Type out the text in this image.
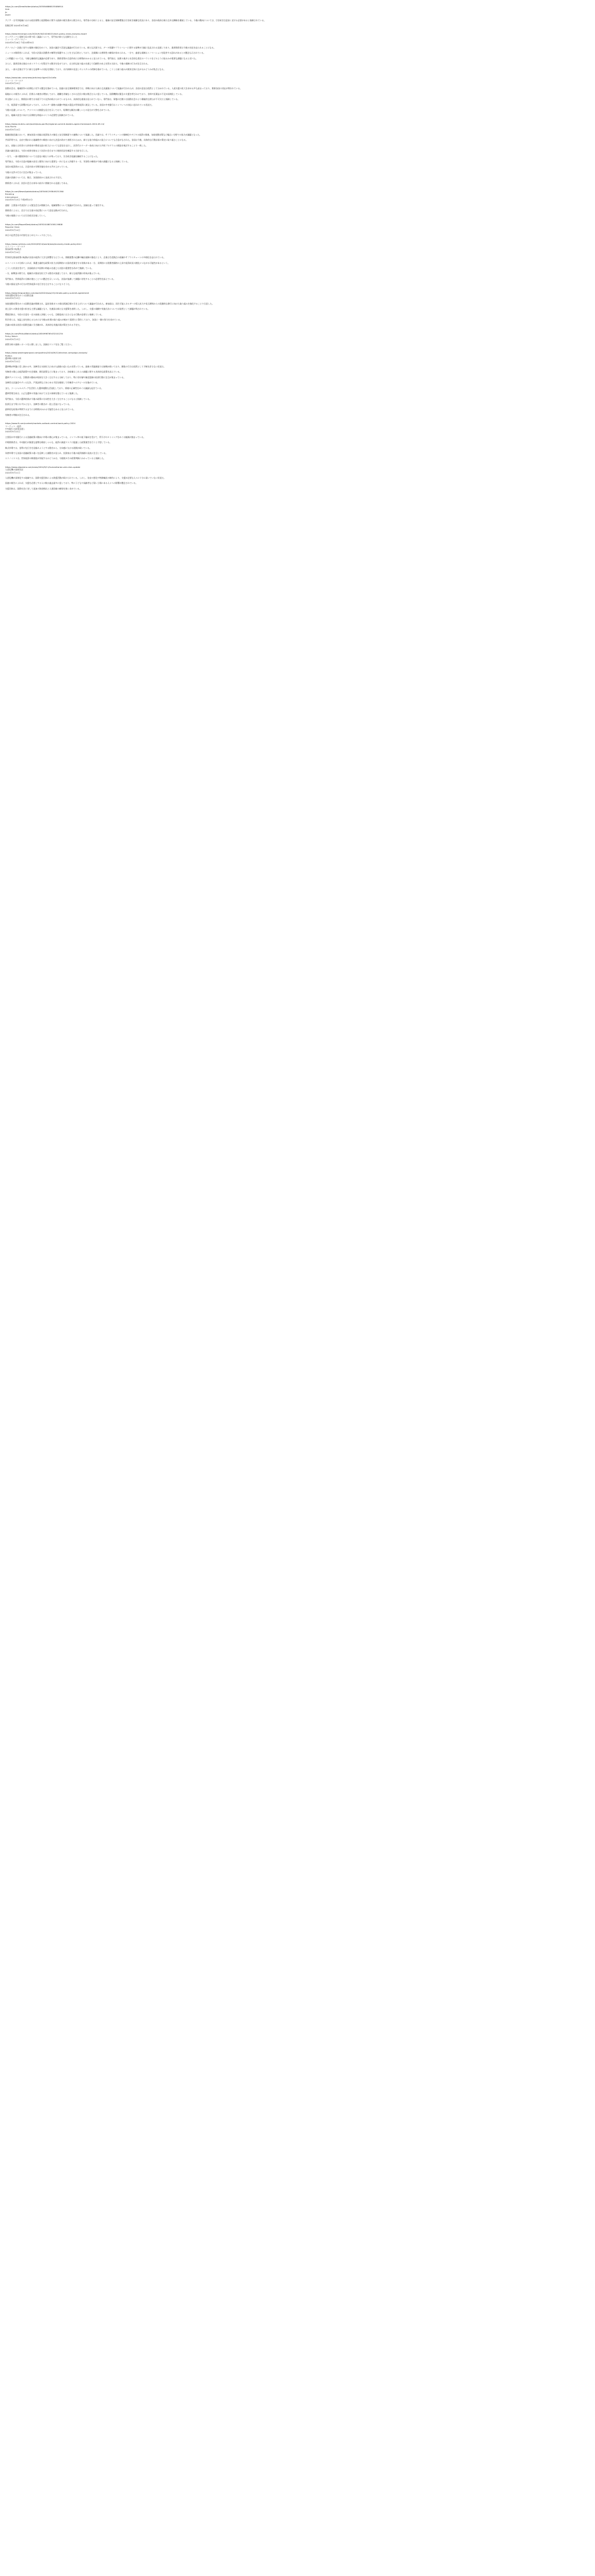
https://x.com/DrewHolden/status/1835846868155086914
Asia
Jp
Japan

アジア・太平洋地域における政治情勢と経済動向に関する最新の報告書が公開された。専門家の分析によると、地域の安全保障環境は引き続き複雑な状況にあり、各国の政府は新たな外交戦略を模索している。今後の動向については、引き続き注意深く見守る必要があると指摘されている。

投稿日時 2024年9月16日

https://www.theverge.com/2024/9/16/24246221/tech-policy-news-analysis-report
ビッグテックと規制当局の間で続く議論について、専門家が新たな見解を示した
ニュース・テクノロジー
2024年9月16日 午前10時30分

テクノロジー企業に対する規制の強化をめぐり、各国の議会で活発な議論が行われている。新たな法案では、データ保護やプライバシーに関する基準が大幅に見直される見通しであり、業界関係者は今後の対応を迫られることになる。

ニュースの関係者によれば、今回の法案は消費者の権利を保護することを主な目的としており、企業側には透明性の確保が求められる。一方で、過度な規制はイノベーションを阻害する恐れがあるとの懸念も示されている。

この問題については、今後も継続的な議論が必要であり、関係者間の合意形成には時間がかかると見られている。専門家は、技術の進歩と社会的な責任のバランスをどのように取るかが重要な課題になると述べた。

さらに、業界団体は独自のガイドラインを策定する動きを見せており、自主的な取り組みを通じて信頼性の向上を図る方針だ。今後の規制の行方が注目される。

また、一部の企業はすでに新たな基準への対応を開始しており、社内体制の見直しやシステムの改修を進めている。こうした取り組みが業界全体に広がるかどうかが焦点となる。

https://www.bbc.com/news/articles/c4gzm22v1e8o
ニュース・ワールド
2024年9月15日

国際社会は、地域紛争の長期化に対する懸念を強めている。国連の安全保障理事会では、停戦に向けた新たな決議案について協議が行われたが、各国の意見は依然として分かれている。人道支援の拡大を求める声も高まっており、関係各国の対応が問われている。

現地からの報告によれば、民間人の被害は増加しており、避難を余儀なくされた住民の数は数百万人に達している。国際機関は緊急の支援を呼びかけており、食料や医薬品の不足が深刻化している。

外交筋によると、関係国の間では水面下での交渉が続けられているものの、具体的な進展は見られていない。専門家は、事態の打開には国際社会のより積極的な関与が不可欠だと指摘している。

一方、経済面でも影響が広がっており、エネルギー価格の高騰や物流の混乱が世界経済に波及している。各国の中央銀行はインフレへの対応に追われている状況だ。

今後の見通しについて、アナリストは慎重な見方を示しており、短期的な解決は難しいとの見方が大勢を占めている。

また、地域の安定に向けた長期的な枠組みづくりの必要性も指摘されている。

https://www.reuters.com/world/asia-pacific/regional-summit-leaders-agree-framework-2024-09-14/
Asia-Pacific
2024年9月14日

地域首脳会議において、参加各国の首脳は経済協力の強化と安全保障面での連携について協議した。会議では、サプライチェーンの強靭化やデジタル経済の推進、気候変動対策など幅広い分野での協力が議題となった。

共同声明では、自由で開かれた地域秩序の維持に向けた決意が改めて表明されたほか、新たな協力枠組みの設立についても合意がなされた。各国は今後、具体的な行動計画の策定に取り組むことになる。

また、首脳らは若者の人材育成や教育交流の拡大についても意見を交わし、次世代のリーダー育成に向けた共同プログラムの創設を検討することで一致した。

会議の議長国は、今回の成果を踏まえて次回の会合までに進捗状況を確認する方針を示した。

一方で、一部の懸案事項については意見の隔たりが残っており、引き続き協議を継続することになった。

専門家は、今回の合意が地域の安定と繁栄に向けた重要な一歩になると評価する一方、実効性の確保が今後の課題になると指摘している。

各国の経済界からは、合意内容の早期実施を求める声が上がっている。

今後の交渉の行方に注目が集まっている。

会議の詳細については、後日、各国政府から発表される予定だ。

関係者によれば、次回の会合は来年の前半に開催される見通しである。

https://x.com/NewsUpdate/status/1835461293849231360
Breaking
International
2024年9月15日 午後3時22分

速報：主要国の代表団による緊急会合が開催され、地域情勢について協議が行われた。詳細は追って報告する。

関係者によると、会合では当面の対応策について意見交換が行われた。

今後の展開については引き続き注視していく。

https://x.com/ReportDesk/status/1835201887458119808
Reporter Desk
2024年9月14日

本日の記者会見の内容をまとめたスレッドはこちら。

https://www.nytimes.com/2024/09/14/world/asia/economy-trade-policy.html
エコノミー・ワールド
貿易政策の転換点
2024年9月14日

世界的な貿易政策の転換が各国の経済に大きな影響を与えている。関税措置の応酬や輸出規制の強化により、企業は生産拠点の再編やサプライチェーンの多様化を迫られている。

エコノミストの分析によれば、保護主義的な政策の拡大は短期的には国内産業を守る効果がある一方、長期的には消費者価格の上昇や経済成長の鈍化につながる可能性があるという。

こうした状況を受けて、各国政府は多国間の枠組みを通じた対話の重要性を改めて強調している。

一方、新興国の間では、地域内の貿易を拡大する動きが加速しており、新たな経済圏の形成が進んでいる。

専門家は、世界経済の分断が進むことへの懸念を示しつつも、各国が協調して課題に対処することの必要性を訴えている。

今後の貿易交渉の行方が世界経済の先行きを左右することになりそうだ。

https://www.theguardian.com/world/2024/sep/13/climate-policy-summit-agreement
気候変動対策をめぐる国際会議
2024年9月13日

気候変動対策をめぐる国際会議が開催され、温室効果ガスの排出削減目標の引き上げについて議論が行われた。参加国は、再生可能エネルギーの導入拡大や化石燃料からの段階的な移行に向けた取り組みを強化することで合意した。

途上国への資金支援の拡充も主要な議題となり、先進国は新たな支援策を表明した。しかし、支援の規模や実施方法については依然として課題が残されている。

環境団体は、今回の合意を一定の前進と評価しつつも、目標達成にはさらなる行動が必要だと指摘している。

科学者らは、気温上昇を抑えるためには今後10年間の取り組みが極めて重要だと警告しており、各国に一層の努力を求めている。

会議の成果は次回の国際会議に引き継がれ、具体的な実施計画が策定される予定だ。

https://x.com/PolicyWatch/status/1834998765432101234
Policy Watch
2024年9月13日

政策分析の最新レポートを公開しました。詳細はリンク先をご覧ください。

https://www.washingtonpost.com/politics/2024/09/12/election-campaign-analysis/
Politics
選挙戦の最新分析
2024年9月12日

選挙戦が終盤に差し掛かる中、各陣営は支持拡大に向けた最後の追い込みを図っている。最新の世論調査では接戦が続いており、勝敗の行方は依然として予断を許さない状況だ。

有権者の関心は経済政策や社会保障、移民政策などに集まっており、各候補はこれらの課題に関する具体的な政策を訴えている。

選挙アナリストは、浮動票の動向が結果を大きく左右すると分析しており、特に若年層や無党派層の投票行動に注目が集まっている。

各陣営は討論会やテレビ広告、戸別訪問などあらゆる手段を駆使して有権者へのアピールを強めている。

また、ソーシャルメディアを活用した選挙運動も活発化しており、情報の正確性をめぐる議論も起きている。

選挙管理当局は、公正な選挙の実施に向けて万全の体制を整えていると強調した。

専門家は、今回の選挙結果が今後の政策の方向性を大きく左右することになると指摘している。

投票日まで残りわずかとなり、各陣営の動きが一段と活発になっている。

最終的な結果が判明するまでには時間がかかる可能性もあると見られている。

有権者の判断が注目される。

https://www.ft.com/content/markets-outlook-central-bank-policy-2024
マーケット・経済
中央銀行の政策見通し
2024年9月12日

主要国の中央銀行による金融政策の動向に市場の関心が集まっている。インフレ率の低下傾向を受けて、利下げのタイミングをめぐる観測が強まっている。

市場関係者は、中央銀行が慎重な姿勢を維持しつつも、経済の減速リスクに配慮した政策運営を行うと予想している。

株式市場では、金利の先行きを見極めようとする動きから、方向感に欠ける展開が続いている。

為替市場でも各国の金融政策の違いを反映した値動きが見られ、投資家は今後の経済指標の発表に注目している。

エコノミストは、世界経済の軟着陸が実現するかどうかは、今後数カ月の政策判断にかかっていると指摘した。

https://www.aljazeera.com/news/2024/9/11/humanitarian-aid-crisis-update
人道危機の最新状況
2024年9月11日

人道危機が深刻化する地域では、国際支援団体による救援活動が続けられている。しかし、治安の悪化や物資輸送の制約により、支援が必要な人々に十分に届いていない状況だ。

国連の報告によれば、支援を必要とする人の数は過去最多に達しており、特に子どもや高齢者など弱い立場にある人々への影響が懸念されている。

支援団体は、国際社会に対して追加の資金拠出と人道回廊の確保を強く求めている。
